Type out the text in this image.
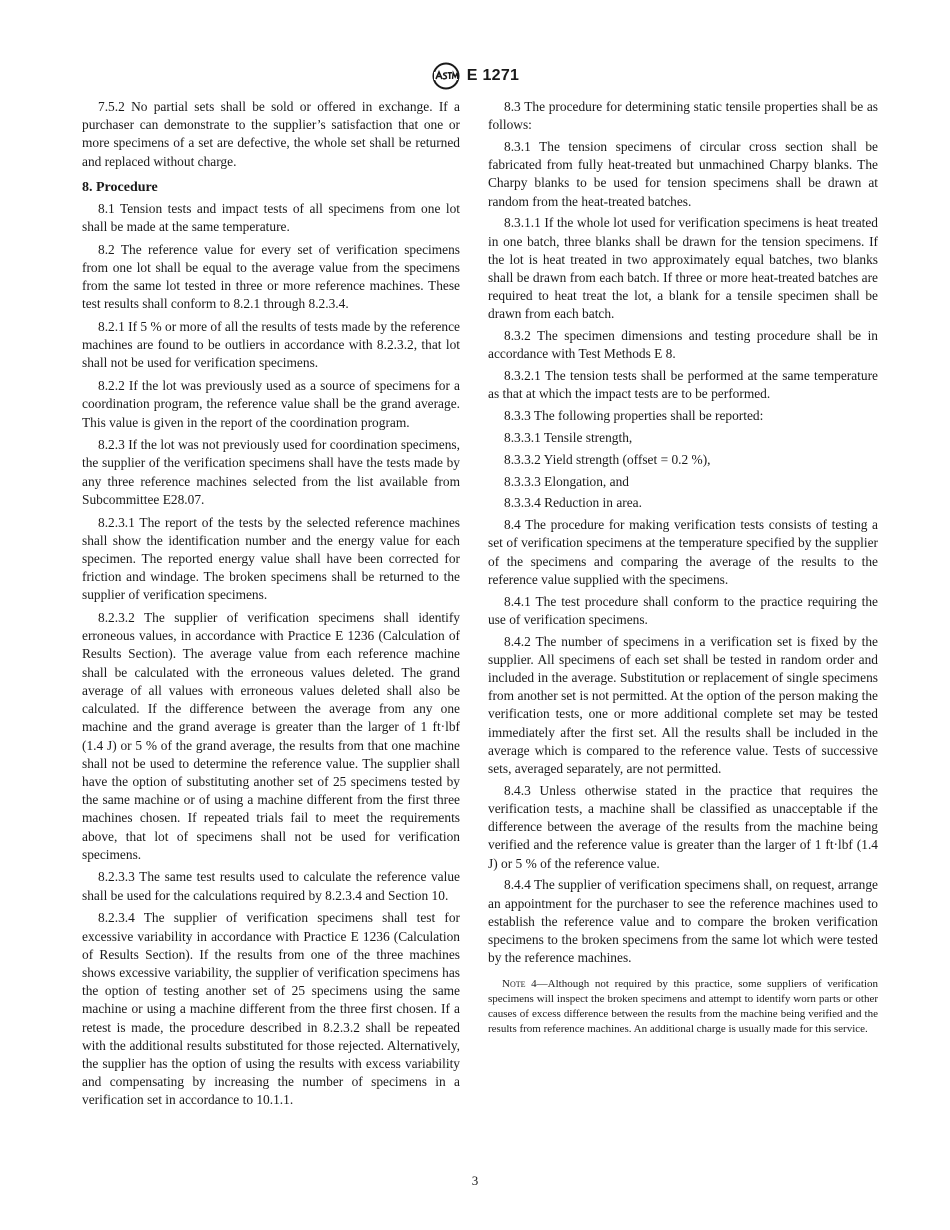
E 1271

7.5.2 No partial sets shall be sold or offered in exchange. If a purchaser can demonstrate to the supplier’s satisfaction that one or more specimens of a set are defective, the whole set shall be returned and replaced without charge.

8. Procedure

8.1 Tension tests and impact tests of all specimens from one lot shall be made at the same temperature.

8.2 The reference value for every set of verification specimens from one lot shall be equal to the average value from the specimens from the same lot tested in three or more reference machines. These test results shall conform to 8.2.1 through 8.2.3.4.

8.2.1 If 5 % or more of all the results of tests made by the reference machines are found to be outliers in accordance with 8.2.3.2, that lot shall not be used for verification specimens.

8.2.2 If the lot was previously used as a source of specimens for a coordination program, the reference value shall be the grand average. This value is given in the report of the coordination program.

8.2.3 If the lot was not previously used for coordination specimens, the supplier of the verification specimens shall have the tests made by any three reference machines selected from the list available from Subcommittee E28.07.

8.2.3.1 The report of the tests by the selected reference machines shall show the identification number and the energy value for each specimen. The reported energy value shall have been corrected for friction and windage. The broken specimens shall be returned to the supplier of verification specimens.

8.2.3.2 The supplier of verification specimens shall identify erroneous values, in accordance with Practice E 1236 (Calculation of Results Section). The average value from each reference machine shall be calculated with the erroneous values deleted. The grand average of all values with erroneous values deleted shall also be calculated. If the difference between the average from any one machine and the grand average is greater than the larger of 1 ft·lbf (1.4 J) or 5 % of the grand average, the results from that one machine shall not be used to determine the reference value. The supplier shall have the option of substituting another set of 25 specimens tested by the same machine or of using a machine different from the first three machines chosen. If repeated trials fail to meet the requirements above, that lot of specimens shall not be used for verification specimens.

8.2.3.3 The same test results used to calculate the reference value shall be used for the calculations required by 8.2.3.4 and Section 10.

8.2.3.4 The supplier of verification specimens shall test for excessive variability in accordance with Practice E 1236 (Calculation of Results Section). If the results from one of the three machines shows excessive variability, the supplier of verification specimens has the option of testing another set of 25 specimens using the same machine or using a machine different from the three first chosen. If a retest is made, the procedure described in 8.2.3.2 shall be repeated with the additional results substituted for those rejected. Alternatively, the supplier has the option of using the results with excess variability and compensating by increasing the number of specimens in a verification set in accordance to 10.1.1.

8.3 The procedure for determining static tensile properties shall be as follows:

8.3.1 The tension specimens of circular cross section shall be fabricated from fully heat-treated but unmachined Charpy blanks. The Charpy blanks to be used for tension specimens shall be drawn at random from the heat-treated batches.

8.3.1.1 If the whole lot used for verification specimens is heat treated in one batch, three blanks shall be drawn for the tension specimens. If the lot is heat treated in two approximately equal batches, two blanks shall be drawn from each batch. If three or more heat-treated batches are required to heat treat the lot, a blank for a tensile specimen shall be drawn from each batch.

8.3.2 The specimen dimensions and testing procedure shall be in accordance with Test Methods E 8.

8.3.2.1 The tension tests shall be performed at the same temperature as that at which the impact tests are to be performed.

8.3.3 The following properties shall be reported:

8.3.3.1 Tensile strength,

8.3.3.2 Yield strength (offset = 0.2 %),

8.3.3.3 Elongation, and

8.3.3.4 Reduction in area.

8.4 The procedure for making verification tests consists of testing a set of verification specimens at the temperature specified by the supplier of the specimens and comparing the average of the results to the reference value supplied with the specimens.

8.4.1 The test procedure shall conform to the practice requiring the use of verification specimens.

8.4.2 The number of specimens in a verification set is fixed by the supplier. All specimens of each set shall be tested in random order and included in the average. Substitution or replacement of single specimens from another set is not permitted. At the option of the person making the verification tests, one or more additional complete set may be tested immediately after the first set. All the results shall be included in the average which is compared to the reference value. Tests of successive sets, averaged separately, are not permitted.

8.4.3 Unless otherwise stated in the practice that requires the verification tests, a machine shall be classified as unacceptable if the difference between the average of the results from the machine being verified and the reference value is greater than the larger of 1 ft·lbf (1.4 J) or 5 % of the reference value.

8.4.4 The supplier of verification specimens shall, on request, arrange an appointment for the purchaser to see the reference machines used to establish the reference value and to compare the broken verification specimens to the broken specimens from the same lot which were tested by the reference machines.

Note 4—Although not required by this practice, some suppliers of verification specimens will inspect the broken specimens and attempt to identify worn parts or other causes of excess difference between the results from the machine being verified and the results from reference machines. An additional charge is usually made for this service.

3
